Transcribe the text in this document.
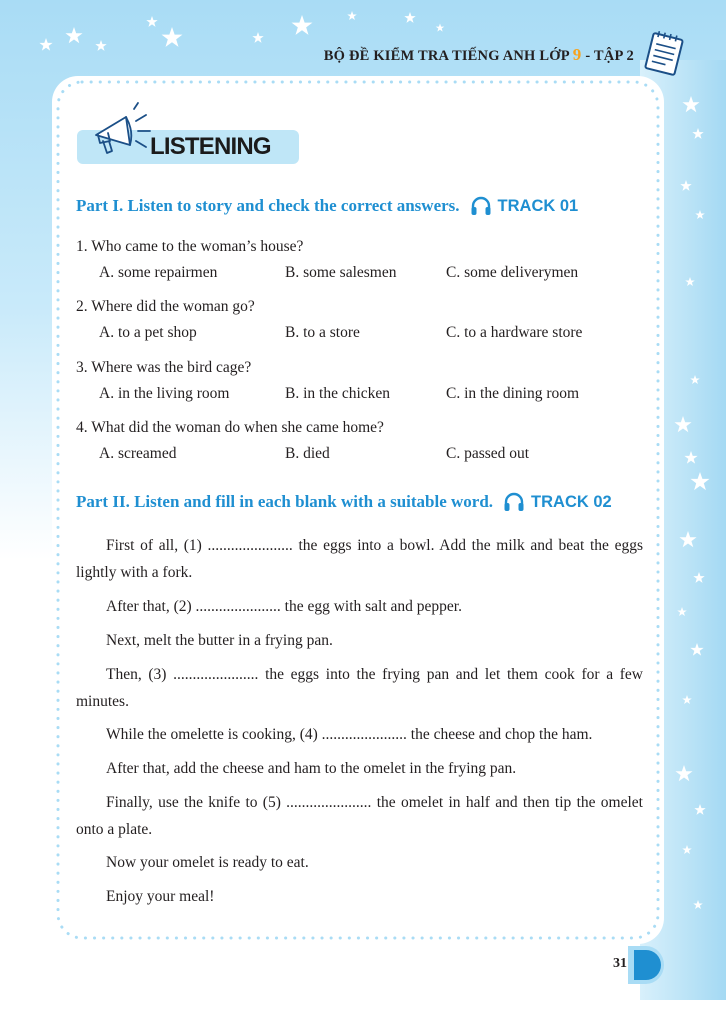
BỘ ĐỀ KIỂM TRA TIẾNG ANH LỚP 9 - TẬP 2
LISTENING
Part I. Listen to story and check the correct answers. TRACK 01
1. Who came to the woman’s house?
A. some repairmen	B. some salesmen	C. some deliverymen
2. Where did the woman go?
A. to a pet shop	B. to a store	C. to a hardware store
3. Where was the bird cage?
A. in the living room	B. in the chicken	C. in the dining room
4. What did the woman do when she came home?
A. screamed	B. died	C. passed out
Part II. Listen and fill in each blank with a suitable word. TRACK 02
First of all, (1) ...................... the eggs into a bowl. Add the milk and beat the eggs lightly with a fork.
After that, (2) ...................... the egg with salt and pepper.
Next, melt the butter in a frying pan.
Then, (3) ...................... the eggs into the frying pan and let them cook for a few minutes.
While the omelette is cooking, (4) ...................... the cheese and chop the ham.
After that, add the cheese and ham to the omelet in the frying pan.
Finally, use the knife to (5) ...................... the omelet in half and then tip the omelet onto a plate.
Now your omelet is ready to eat.
Enjoy your meal!
31
